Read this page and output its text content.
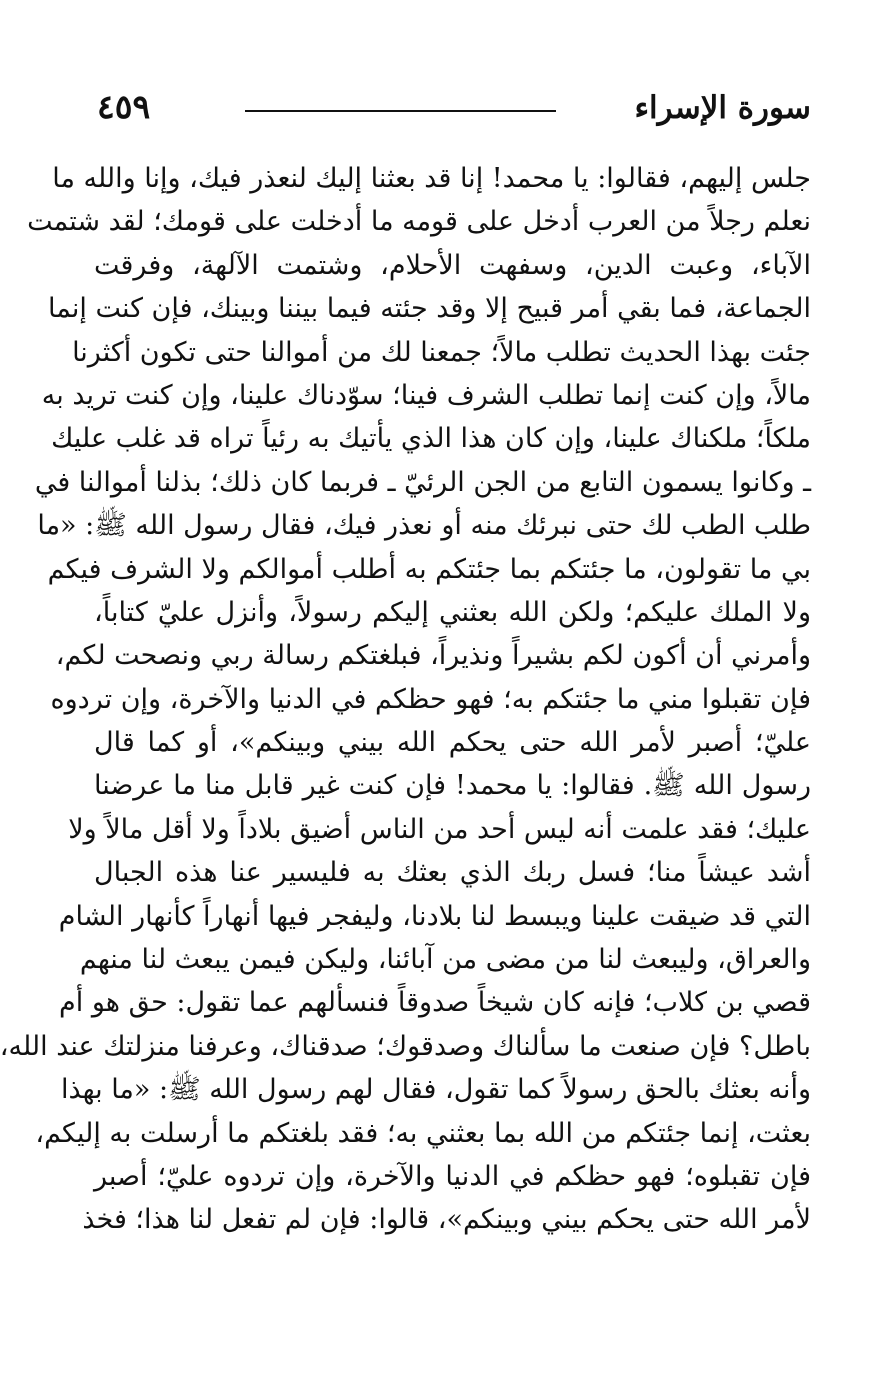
سورة الإسراء
٤٥٩
جلس إليهم، فقالوا: يا محمد! إنا قد بعثنا إليك لنعذر فيك، وإنا والله ما
نعلم رجلاً من العرب أدخل على قومه ما أدخلت على قومك؛ لقد شتمت
الآباء، وعبت الدين، وسفهت الأحلام، وشتمت الآلهة، وفرقت
الجماعة، فما بقي أمر قبيح إلا وقد جئته فيما بيننا وبينك، فإن كنت إنما
جئت بهذا الحديث تطلب مالاً؛ جمعنا لك من أموالنا حتى تكون أكثرنا
مالاً، وإن كنت إنما تطلب الشرف فينا؛ سوّدناك علينا، وإن كنت تريد به
ملكاً؛ ملكناك علينا، وإن كان هذا الذي يأتيك به رئياً تراه قد غلب عليك
ـ وكانوا يسمون التابع من الجن الرئيّ ـ فربما كان ذلك؛ بذلنا أموالنا في
طلب الطب لك حتى نبرئك منه أو نعذر فيك، فقال رسول الله ﷺ: «ما
بي ما تقولون، ما جئتكم بما جئتكم به أطلب أموالكم ولا الشرف فيكم
ولا الملك عليكم؛ ولكن الله بعثني إليكم رسولاً، وأنزل عليّ كتاباً،
وأمرني أن أكون لكم بشيراً ونذيراً، فبلغتكم رسالة ربي ونصحت لكم،
فإن تقبلوا مني ما جئتكم به؛ فهو حظكم في الدنيا والآخرة، وإن تردوه
عليّ؛ أصبر لأمر الله حتى يحكم الله بيني وبينكم»، أو كما قال
رسول الله ﷺ. فقالوا: يا محمد! فإن كنت غير قابل منا ما عرضنا
عليك؛ فقد علمت أنه ليس أحد من الناس أضيق بلاداً ولا أقل مالاً ولا
أشد عيشاً منا؛ فسل ربك الذي بعثك به فليسير عنا هذه الجبال
التي قد ضيقت علينا ويبسط لنا بلادنا، وليفجر فيها أنهاراً كأنهار الشام
والعراق، وليبعث لنا من مضى من آبائنا، وليكن فيمن يبعث لنا منهم
قصي بن كلاب؛ فإنه كان شيخاً صدوقاً فنسألهم عما تقول: حق هو أم
باطل؟ فإن صنعت ما سألناك وصدقوك؛ صدقناك، وعرفنا منزلتك عند الله،
وأنه بعثك بالحق رسولاً كما تقول، فقال لهم رسول الله ﷺ: «ما بهذا
بعثت، إنما جئتكم من الله بما بعثني به؛ فقد بلغتكم ما أرسلت به إليكم،
فإن تقبلوه؛ فهو حظكم في الدنيا والآخرة، وإن تردوه عليّ؛ أصبر
لأمر الله حتى يحكم بيني وبينكم»، قالوا: فإن لم تفعل لنا هذا؛ فخذ
